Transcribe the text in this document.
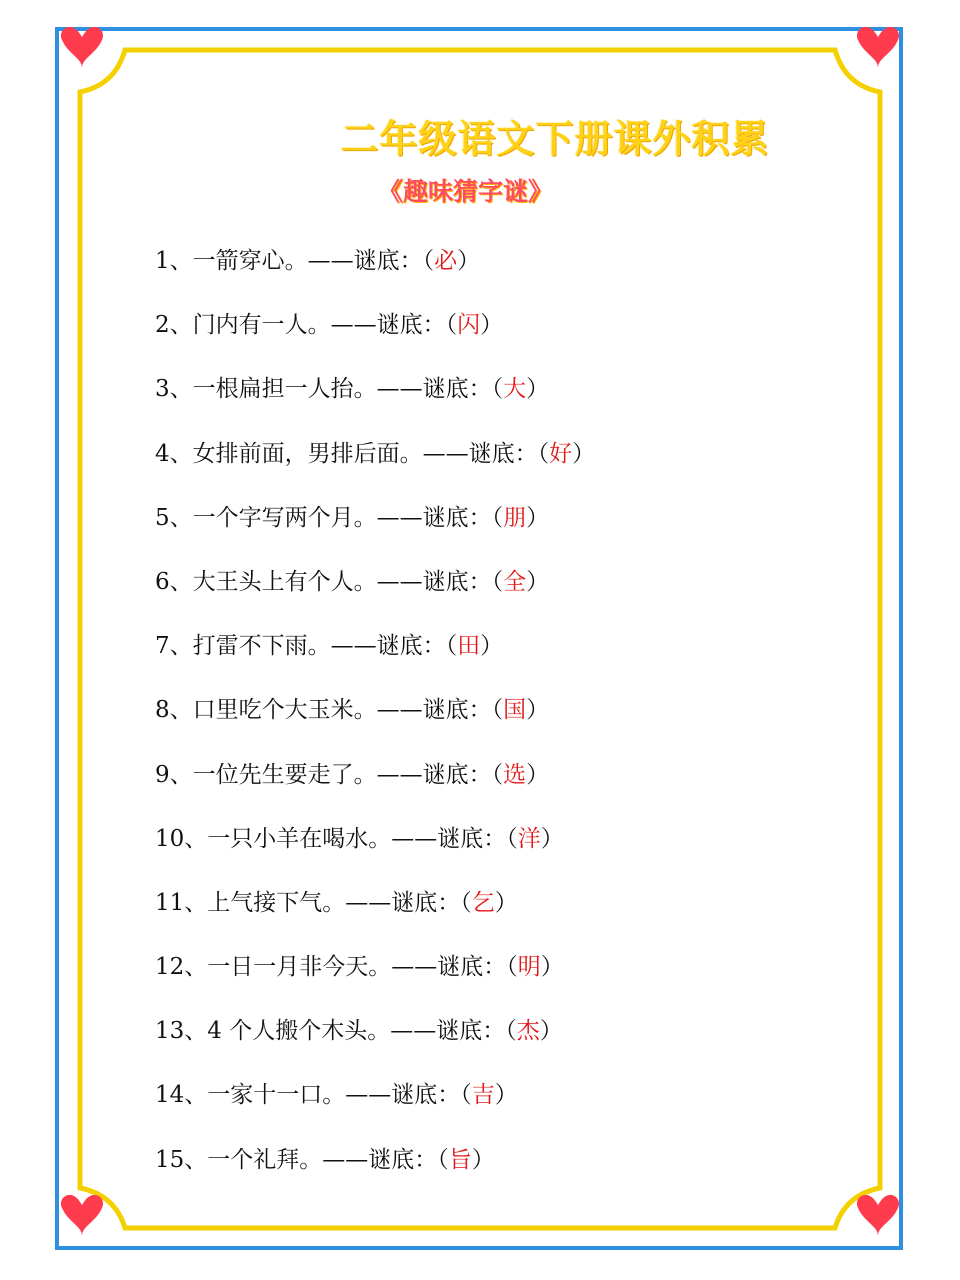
二年级语文下册课外积累
《趣味猜字谜》
1、一箭穿心。——谜底：（必）
2、门内有一人。——谜底：（闪）
3、一根扁担一人抬。——谜底：（大）
4、女排前面，男排后面。——谜底：（好）
5、一个字写两个月。——谜底：（朋）
6、大王头上有个人。——谜底：（全）
7、打雷不下雨。——谜底：（田）
8、口里吃个大玉米。——谜底：（国）
9、一位先生要走了。——谜底：（选）
10、一只小羊在喝水。——谜底：（洋）
11、上气接下气。——谜底：（乞）
12、一日一月非今天。——谜底：（明）
13、4 个人搬个木头。——谜底：（杰）
14、一家十一口。——谜底：（吉）
15、一个礼拜。——谜底：（旨）
